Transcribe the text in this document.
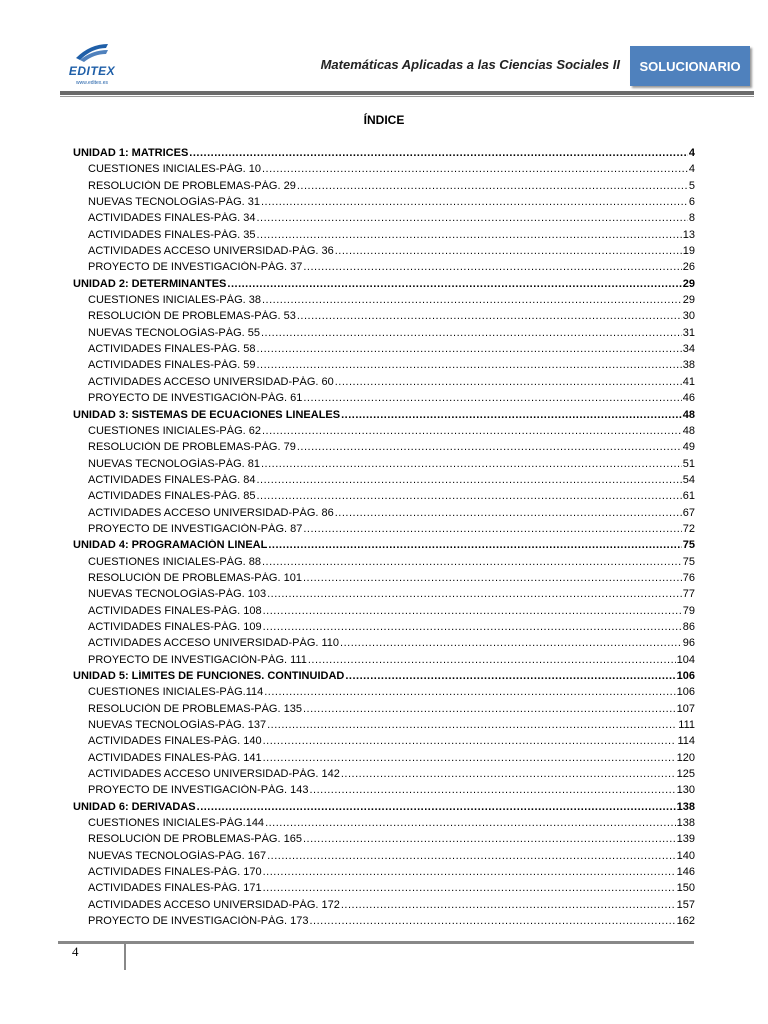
EDITEX
www.editex.es
Matemáticas Aplicadas a las Ciencias Sociales II	SOLUCIONARIO
ÍNDICE
UNIDAD 1: MATRICES .....	4
CUESTIONES INICIALES-PÁG. 10 .....	4
RESOLUCIÓN DE PROBLEMAS-PÁG. 29 .....	5
NUEVAS TECNOLOGÍAS-PÁG. 31 .....	6
ACTIVIDADES FINALES-PÁG. 34 .....	8
ACTIVIDADES FINALES-PÁG. 35 .....	13
ACTIVIDADES ACCESO UNIVERSIDAD-PÁG. 36 .....	19
PROYECTO DE INVESTIGACIÓN-PÁG. 37 .....	26
UNIDAD 2: DETERMINANTES .....	29
CUESTIONES INICIALES-PÁG. 38 .....	29
RESOLUCIÓN DE PROBLEMAS-PÁG. 53 .....	30
NUEVAS TECNOLOGÍAS-PÁG. 55 .....	31
ACTIVIDADES FINALES-PÁG. 58 .....	34
ACTIVIDADES FINALES-PÁG. 59 .....	38
ACTIVIDADES ACCESO UNIVERSIDAD-PÁG. 60 .....	41
PROYECTO DE INVESTIGACIÓN-PÁG. 61 .....	46
UNIDAD 3: SISTEMAS DE ECUACIONES LINEALES .....	48
CUESTIONES INICIALES-PÁG. 62 .....	48
RESOLUCIÓN DE PROBLEMAS-PÁG. 79 .....	49
NUEVAS TECNOLOGÍAS-PÁG. 81 .....	51
ACTIVIDADES FINALES-PÁG. 84 .....	54
ACTIVIDADES FINALES-PÁG. 85 .....	61
ACTIVIDADES ACCESO UNIVERSIDAD-PÁG. 86 .....	67
PROYECTO DE INVESTIGACIÓN-PÁG. 87 .....	72
UNIDAD 4: PROGRAMACIÓN LINEAL .....	75
CUESTIONES INICIALES-PÁG. 88 .....	75
RESOLUCIÓN DE PROBLEMAS-PÁG. 101 .....	76
NUEVAS TECNOLOGÍAS-PÁG. 103 .....	77
ACTIVIDADES FINALES-PÁG. 108 .....	79
ACTIVIDADES FINALES-PÁG. 109 .....	86
ACTIVIDADES ACCESO UNIVERSIDAD-PÁG. 110 .....	96
PROYECTO DE INVESTIGACIÓN-PÁG. 111 .....	104
UNIDAD 5: LÍMITES DE FUNCIONES. CONTINUIDAD .....	106
CUESTIONES INICIALES-PÁG.114 .....	106
RESOLUCIÓN DE PROBLEMAS-PÁG. 135 .....	107
NUEVAS TECNOLOGÍAS-PÁG. 137 .....	111
ACTIVIDADES FINALES-PÁG. 140 .....	114
ACTIVIDADES FINALES-PÁG. 141 .....	120
ACTIVIDADES ACCESO UNIVERSIDAD-PÁG. 142 .....	125
PROYECTO DE INVESTIGACIÓN-PÁG. 143 .....	130
UNIDAD 6: DERIVADAS .....	138
CUESTIONES INICIALES-PÁG.144 .....	138
RESOLUCIÓN DE PROBLEMAS-PÁG. 165 .....	139
NUEVAS TECNOLOGÍAS-PÁG. 167 .....	140
ACTIVIDADES FINALES-PÁG. 170 .....	146
ACTIVIDADES FINALES-PÁG. 171 .....	150
ACTIVIDADES ACCESO UNIVERSIDAD-PÁG. 172 .....	157
PROYECTO DE INVESTIGACIÓN-PÁG. 173 .....	162
4
